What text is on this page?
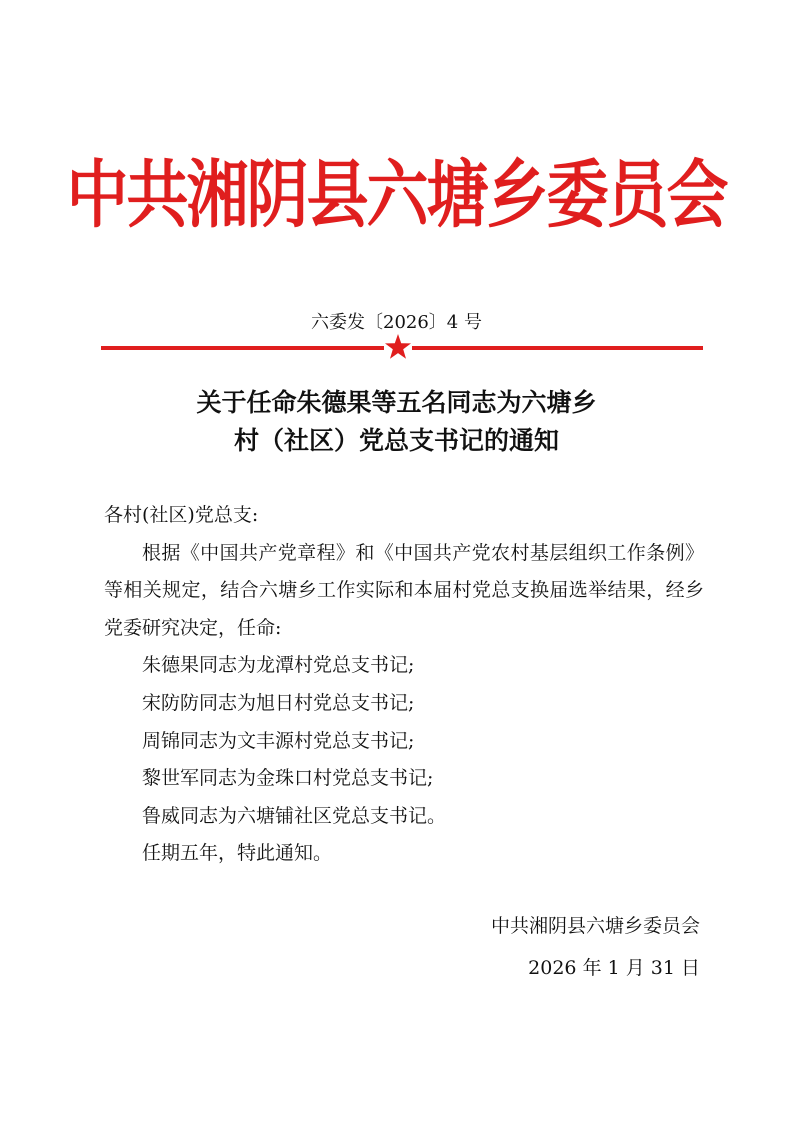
中共湘阴县六塘乡委员会
六委发〔2026〕4 号
关于任命朱德果等五名同志为六塘乡
村（社区）党总支书记的通知

各村(社区)党总支:

根据《中国共产党章程》和《中国共产党农村基层组织工作条例》等相关规定，结合六塘乡工作实际和本届村党总支换届选举结果，经乡党委研究决定，任命:

朱德果同志为龙潭村党总支书记;

宋防防同志为旭日村党总支书记;

周锦同志为文丰源村党总支书记;

黎世军同志为金珠口村党总支书记;

鲁威同志为六塘铺社区党总支书记。

任期五年，特此通知。

中共湘阴县六塘乡委员会
2026 年 1 月 31 日
